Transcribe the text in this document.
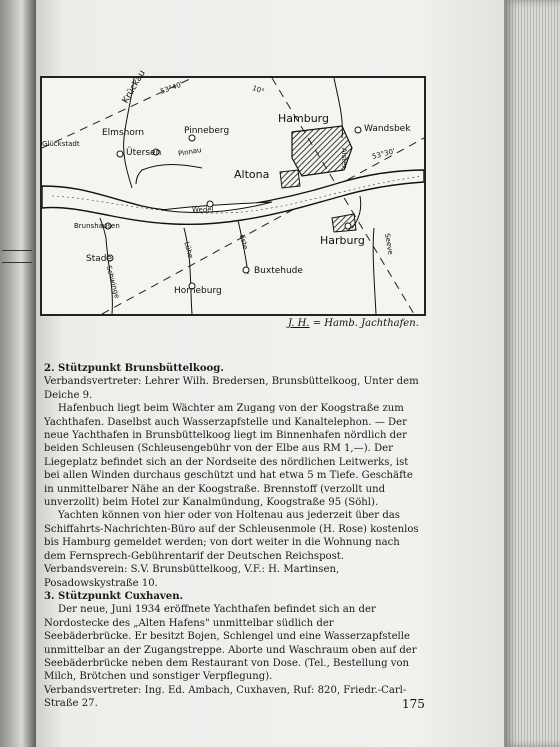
Krückau 53°40'	10°
Hamburg
Wandsbek
Elmshorn	Pinneberg
Glückstadt
Ütersen Pinnau	Alster
Altona
53°30'
Wedel
Brunshausen
Harburg	Seeve
Stade	Lühe	Este
Schwinge	Buxtehude
Horneburg
J. H. = Hamb. Jachthafen.

2. Stützpunkt Brunsbüttelkoog.

Verbandsvertreter: Lehrer Wilh. Bredersen, Brunsbüttelkoog, Unter dem Deiche 9.

Hafenbuch liegt beim Wächter am Zugang von der Koogstraße zum Yachthafen. Daselbst auch Wasserzapfstelle und Kanaltelephon. — Der neue Yachthafen in Brunsbüttelkoog liegt im Binnenhafen nördlich der beiden Schleusen (Schleusengebühr von der Elbe aus RM 1,—). Der Liegeplatz befindet sich an der Nordseite des nördlichen Leitwerks, ist bei allen Winden durchaus geschützt und hat etwa 5 m Tiefe. Geschäfte in unmittelbarer Nähe an der Koogstraße. Brennstoff (verzollt und unverzollt) beim Hotel zur Kanalmündung, Koogstraße 95 (Söhl).

Yachten können von hier oder von Holtenau aus jederzeit über das Schiffahrts-Nachrichten-Büro auf der Schleusenmole (H. Rose) kostenlos bis Hamburg gemeldet werden; von dort weiter in die Wohnung nach dem Fernsprech-Gebührentarif der Deutschen Reichspost.

Verbandsverein: S.V. Brunsbüttelkoog, V.F.: H. Martinsen, Posadowskystraße 10.

3. Stützpunkt Cuxhaven.

Der neue, Juni 1934 eröffnete Yachthafen befindet sich an der Nordostecke des „Alten Hafens" unmittelbar südlich der Seebäderbrücke. Er besitzt Bojen, Schlengel und eine Wasserzapfstelle unmittelbar an der Zugangstreppe. Aborte und Waschraum oben auf der Seebäderbrücke neben dem Restaurant von Dose. (Tel., Bestellung von Milch, Brötchen und sonstiger Verpflegung).

Verbandsvertreter: Ing. Ed. Ambach, Cuxhaven, Ruf: 820, Friedr.-Carl-Straße 27.	175
